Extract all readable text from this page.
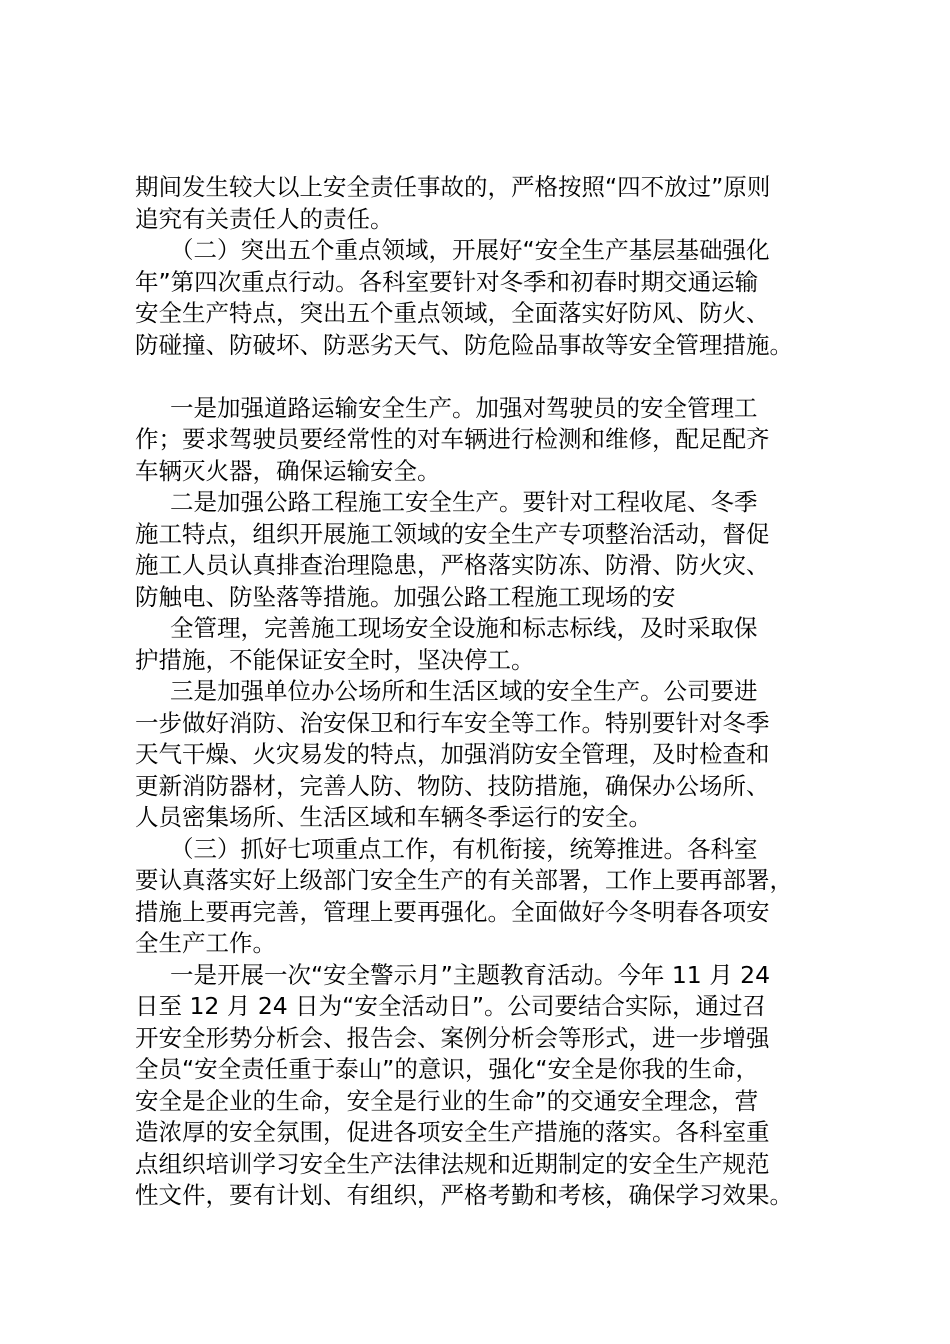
期间发生较大以上安全责任事故的，严格按照“四不放过”原则
追究有关责任人的责任。
（二）突出五个重点领域，开展好“安全生产基层基础强化
年”第四次重点行动。各科室要针对冬季和初春时期交通运输
安全生产特点，突出五个重点领域，全面落实好防风、防火、
防碰撞、防破坏、防恶劣天气、防危险品事故等安全管理措施。
一是加强道路运输安全生产。加强对驾驶员的安全管理工
作；要求驾驶员要经常性的对车辆进行检测和维修，配足配齐
车辆灭火器，确保运输安全。
二是加强公路工程施工安全生产。要针对工程收尾、冬季
施工特点，组织开展施工领域的安全生产专项整治活动，督促
施工人员认真排查治理隐患，严格落实防冻、防滑、防火灾、
防触电、防坠落等措施。加强公路工程施工现场的安
全管理，完善施工现场安全设施和标志标线，及时采取保
护措施，不能保证安全时，坚决停工。
三是加强单位办公场所和生活区域的安全生产。公司要进
一步做好消防、治安保卫和行车安全等工作。特别要针对冬季
天气干燥、火灾易发的特点，加强消防安全管理，及时检查和
更新消防器材，完善人防、物防、技防措施，确保办公场所、
人员密集场所、生活区域和车辆冬季运行的安全。
（三）抓好七项重点工作，有机衔接，统筹推进。各科室
要认真落实好上级部门安全生产的有关部署，工作上要再部署，
措施上要再完善，管理上要再强化。全面做好今冬明春各项安
全生产工作。
一是开展一次“安全警示月”主题教育活动。今年 11 月 24
日至 12 月 24 日为“安全活动日”。公司要结合实际，通过召
开安全形势分析会、报告会、案例分析会等形式，进一步增强
全员“安全责任重于泰山”的意识，强化“安全是你我的生命，
安全是企业的生命，安全是行业的生命”的交通安全理念，营
造浓厚的安全氛围，促进各项安全生产措施的落实。各科室重
点组织培训学习安全生产法律法规和近期制定的安全生产规范
性文件，要有计划、有组织，严格考勤和考核，确保学习效果。
